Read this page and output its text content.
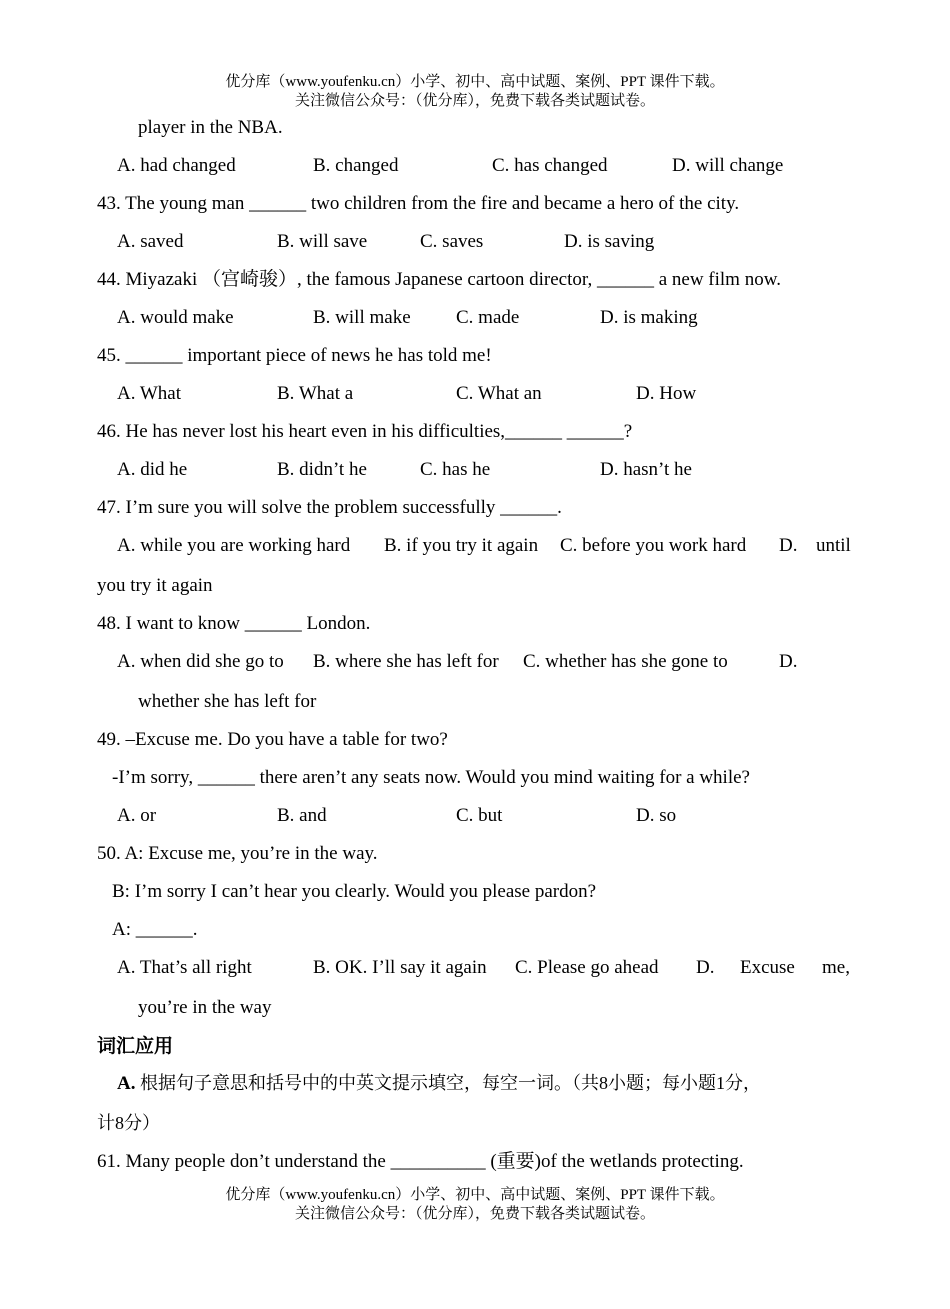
优分库（www.youfenku.cn）小学、初中、高中试题、案例、PPT 课件下载。
关注微信公众号：（优分库），免费下载各类试题试卷。
player in the NBA.
A. had changed	B. changed	C. has changed	D. will change
43. The young man ______ two children from the fire and became a hero of the city.
A. saved	B. will save	C. saves	D. is saving
44. Miyazaki （宫崎骏）, the famous Japanese cartoon director, ______ a new film now.
A. would make	B. will make C. made	D. is making
45. ______ important piece of news he has told me!
A. What	B. What a	C. What an	D. How
46. He has never lost his heart even in his difficulties,______ ______?
A. did he	B. didn’t he	C. has he	D. hasn’t he
47. I’m sure you will solve the problem successfully ______.
A. while you are working hard B. if you try it again C. before you work hard D. until
you try it again
48. I want to know ______ London.
A. when did she go to B. where she has left for C. whether has she gone to	D.
whether she has left for
49. –Excuse me. Do you have a table for two?
-I’m sorry, ______ there aren’t any seats now. Would you mind waiting for a while?
A. or	B. and	C. but	D. so
50. A: Excuse me, you’re in the way.
B: I’m sorry I can’t hear you clearly. Would you please pardon?
A: ______.
A. That’s all right	B. OK. I’ll say it again C. Please go ahead D. Excuse me,
you’re in the way
词汇应用
A. 根据句子意思和括号中的中英文提示填空，每空一词。（共8小题；每小题1分，
计8分）
61. Many people don’t understand the __________ (重要)of the wetlands protecting.
优分库（www.youfenku.cn）小学、初中、高中试题、案例、PPT 课件下载。
关注微信公众号：（优分库），免费下载各类试题试卷。
